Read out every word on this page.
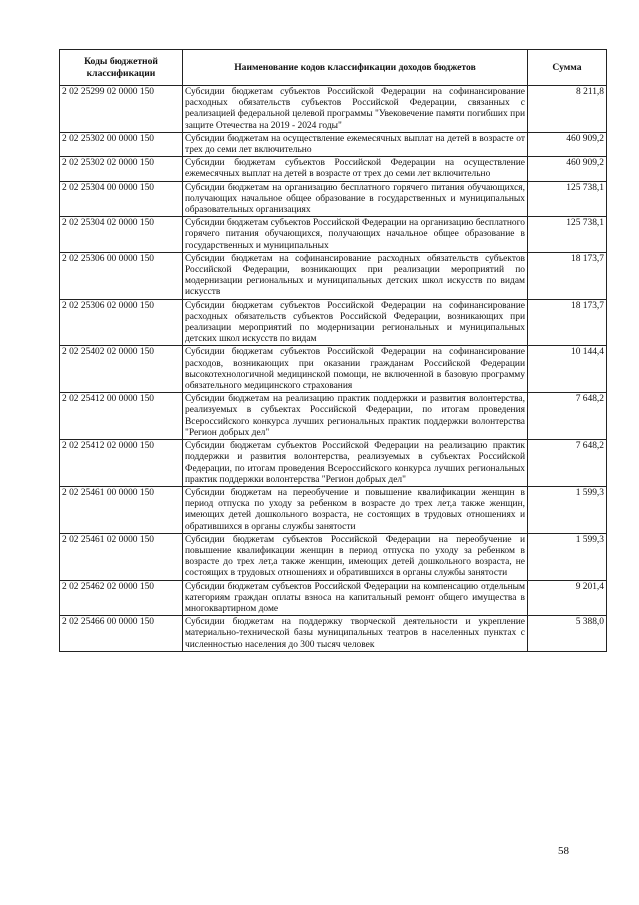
Коды бюджетной классификации	Наименование кодов классификации доходов бюджетов	Сумма
2 02 25299 02 0000 150	Субсидии бюджетам субъектов Российской Федерации на софинансирование расходных обязательств субъектов Российской Федерации, связанных с реализацией федеральной целевой программы "Увековечение памяти погибших при защите Отечества на 2019 - 2024 годы"	8 211,8
2 02 25302 00 0000 150	Субсидии бюджетам на осуществление ежемесячных выплат на детей в возрасте от трех до семи лет включительно	460 909,2
2 02 25302 02 0000 150	Субсидии бюджетам субъектов Российской Федерации на осуществление ежемесячных выплат на детей в возрасте от трех до семи лет включительно	460 909,2
2 02 25304 00 0000 150	Субсидии бюджетам на организацию бесплатного горячего питания обучающихся, получающих начальное общее образование в государственных и муниципальных образовательных организациях	125 738,1
2 02 25304 02 0000 150	Субсидии бюджетам субъектов Российской Федерации на организацию бесплатного горячего питания обучающихся, получающих начальное общее образование в государственных и муниципальных	125 738,1
2 02 25306 00 0000 150	Субсидии бюджетам на софинансирование расходных обязательств субъектов Российской Федерации, возникающих при реализации мероприятий по модернизации региональных и муниципальных детских школ искусств по видам искусств	18 173,7
2 02 25306 02 0000 150	Субсидии бюджетам субъектов Российской Федерации на софинансирование расходных обязательств субъектов Российской Федерации, возникающих при реализации мероприятий по модернизации региональных и муниципальных детских школ искусств по видам	18 173,7
2 02 25402 02 0000 150	Субсидии бюджетам субъектов Российской Федерации на софинансирование расходов, возникающих при оказании гражданам Российской Федерации высокотехнологичной медицинской помощи, не включенной в базовую программу обязательного медицинского страхования	10 144,4
2 02 25412 00 0000 150	Субсидии бюджетам на реализацию практик поддержки и развития волонтерства, реализуемых в субъектах Российской Федерации, по итогам проведения Всероссийского конкурса лучших региональных практик поддержки волонтерства "Регион добрых дел"	7 648,2
2 02 25412 02 0000 150	Субсидии бюджетам субъектов Российской Федерации на реализацию практик поддержки и развития волонтерства, реализуемых в субъектах Российской Федерации, по итогам проведения Всероссийского конкурса лучших региональных практик поддержки волонтерства "Регион добрых дел"	7 648,2
2 02 25461 00 0000 150	Субсидии бюджетам на переобучение и повышение квалификации женщин в период отпуска по уходу за ребенком в возрасте до трех лет,а также женщин, имеющих детей дошкольного возраста, не состоящих в трудовых отношениях и обратившихся в органы службы занятости	1 599,3
2 02 25461 02 0000 150	Субсидии бюджетам субъектов Российской Федерации на переобучение и повышение квалификации женщин в период отпуска по уходу за ребенком в возрасте до трех лет,а также женщин, имеющих детей дошкольного возраста, не состоящих в трудовых отношениях и обратившихся в органы службы занятости	1 599,3
2 02 25462 02 0000 150	Субсидии бюджетам субъектов Российской Федерации на компенсацию отдельным категориям граждан оплаты взноса на капитальный ремонт общего имущества в многоквартирном доме	9 201,4
2 02 25466 00 0000 150	Субсидии бюджетам на поддержку творческой деятельности и укрепление материально-технической базы муниципальных театров в населенных пунктах с численностью населения до 300 тысяч человек	5 388,0
58
